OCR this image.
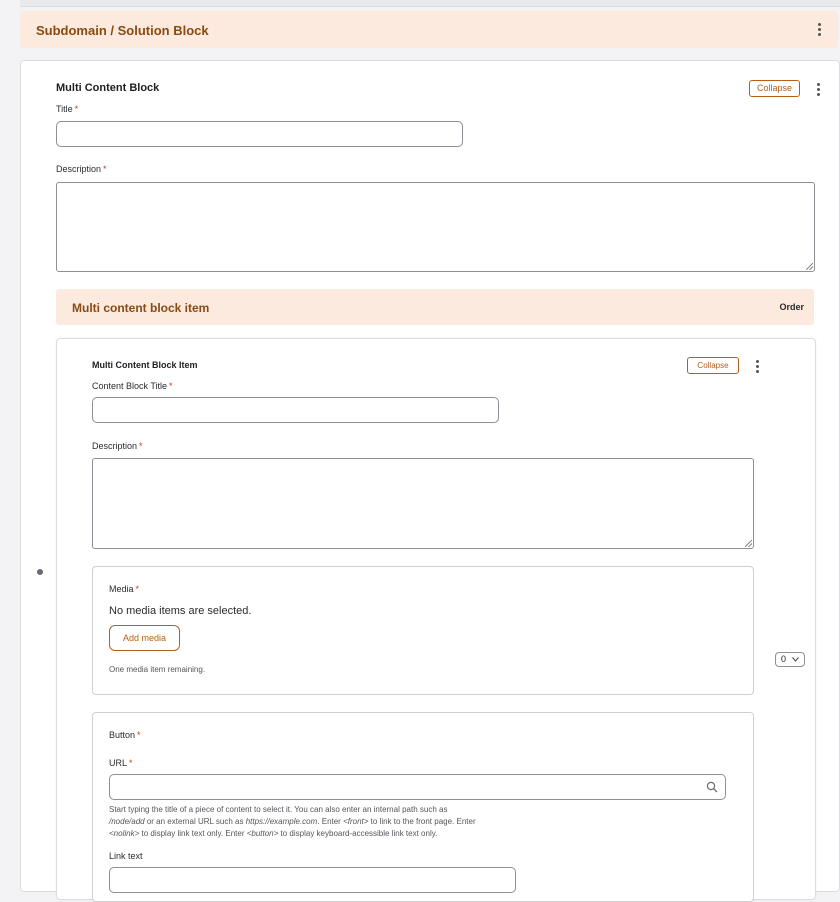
Subdomain / Solution Block
Multi Content Block	Collapse
Title *
Description *
Multi content block item	Order
Multi Content Block Item	Collapse
Content Block Title *
Description *
Media *
No media items are selected.
Add media
One media item remaining.
Button *
URL *
Start typing the title of a piece of content to select it. You can also enter an internal path such as
/node/add or an external URL such as https://example.com. Enter <front> to link to the front page. Enter
<nolink> to display link text only. Enter <button> to display keyboard-accessible link text only.
Link text
0
